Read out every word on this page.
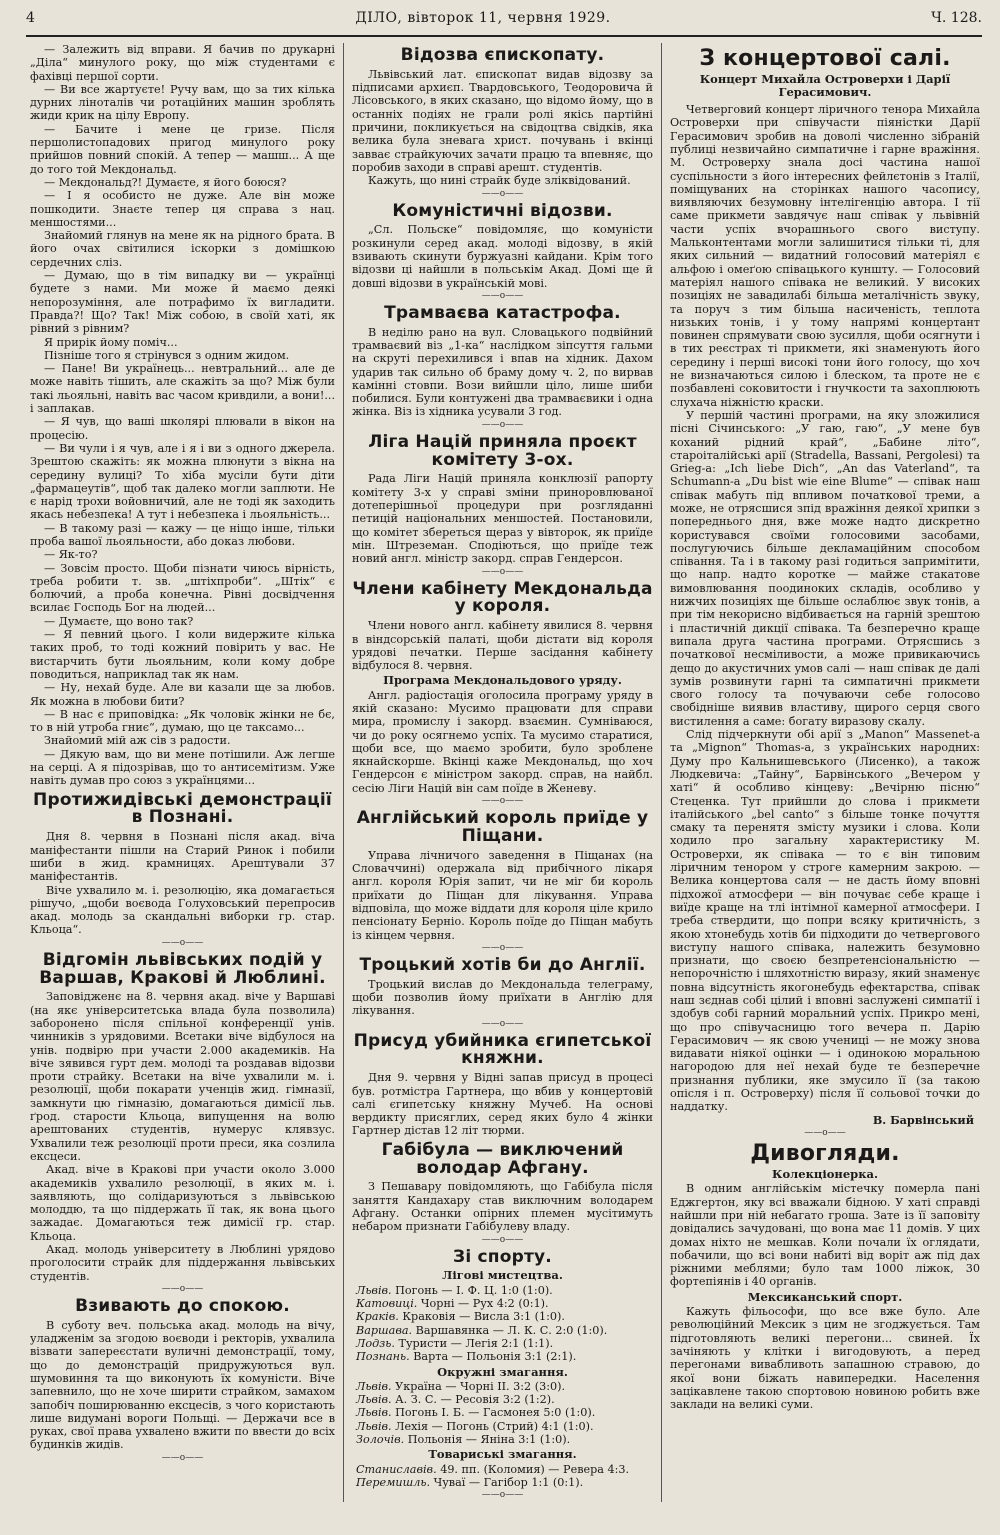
4	ДІЛО, вівторок 11, червня 1929.	Ч. 128.

— Залежить від вправи. Я бачив по друкарні „Діла“ минулого року, що між студентами є фахівці першої сорти.

— Ви все жартуєте! Ручу вам, що за тих кілька дурних ліноталів чи ротаційних машин зроблять жиди крик на цілу Европу.

— Бачите і мене це гризе. Після першолистопадових пригод минулого року прийшов повний спокій. А тепер — машш... А ще до того той Мекдональд.

— Мекдональд?! Думаєте, я його боюся?

— І я особисто не дуже. Але він може пошкодити. Знаєте тепер ця справа з нац. меншостями...

Знайомий глянув на мене як на рідного брата. В його очах світилися іскорки з домішкою сердечних сліз.

— Думаю, що в тім випадку ви — українці будете з нами. Ми може й маємо деякі непорозуміння, але потрафимо їх вигладити. Правда?! Що? Так! Між собою, в своїй хаті, як рівний з рівним?

Я прирік йому поміч...

Пізніше того я стрінувся з одним жидом.

— Пане! Ви українець... невтральний... але де може навіть тішить, але скажіть за що? Між були такі льояльні, навіть вас часом кривдили, а вони!... і заплакав.

— Я чув, що ваші школярі плювали в вікон на процесію.

— Ви чули і я чув, але і я і ви з одного джерела. Зрештою скажіть: як можна плюнути з вікна на середину вулиці? То хіба мусіли бути діти „фармацеутів“, щоб так далеко могли заплюти. Не є нарід трохи войовничий, але не тоді як заходить якась небезпека! А тут і небезпека і льояльність...

— В такому разі — кажу — це ніщо інше, тільки проба вашої льояльности, або доказ любови.

— Як-то?

— Зовсім просто. Щоби пізнати чиюсь вірність, треба робити т. зв. „штіхпроби“. „Штіх“ є болючий, а проба конечна. Рівні досвідчення всилає Господь Бог на людей...

— Думаєте, що воно так?

— Я певний цього. І коли видержите кілька таких проб, то тоді кожний повірить у вас. Не вистарчить бути льояльним, коли кому добре поводиться, наприклад так як нам.

— Ну, нехай буде. Але ви казали ще за любов. Як можна в любови бити?

— В нас є приповідка: „Як чоловік жінки не бє, то в ній утроба гниє“, думаю, що це таксамо...

Знайомий мій аж сів з радости.

— Дякую вам, що ви мене потішили. Аж легше на серці. А я підозрівав, що то антисемітизм. Уже навіть думав про союз з українцями...

Протижидівські демонстрації в Познані.

Дня 8. червня в Познані після акад. віча маніфестанти пішли на Старий Ринок і побили шиби в жид. крамницях. Арештували 37 маніфестантів.

Віче ухвалило м. і. резолюцію, яка домагається рішучо, „щоби воєвода Голуховський перепросив акад. молодь за скандальні виборки гр. стар. Кльоца“.

——o——
Відгомін львівських подій у Варшав, Кракові й Люблині.

Заповідженє на 8. червня акад. віче у Варшаві (на якє університетська влада була позволила) заборонено після спільної конференції унів. чинників з урядовими. Всетаки віче відбулося на унів. подвірю при участи 2.000 академиків. На віче зявився гурт дем. молоді та роздавав відозви проти страйку. Всетаки на віче ухвалили м. і. резолюції, щоби покарати ученців жид. гімназії, замкнути цю гімназію, домагаються димісії льв. ґрод. старости Кльоца, випущення на волю арештованих студентів, нумерус клявзус. Ухвалили теж резолюції проти преси, яка созлила ексцеси.

Акад. віче в Кракові при участи около 3.000 академиків ухвалило резолюції, в яких м. і. заявляють, що солідаризуються з львівською молоддю, та що піддержать її так, як вона цього зажадає. Домагаються теж димісії гр. стар. Кльоца.

Акад. молодь університету в Люблині урядово проголосити страйк для піддержання львівських студентів.

——o——
Взивають до спокою.

В суботу веч. польська акад. молодь на вічу, уладженім за згодою воєводи і ректорів, ухвалила візвати запереєстати вуличні демонстрації, тому, що до демонстрацій придружуються вул. шумовиння та що виконують їх комуністи. Віче запевнило, що не хоче ширити страйком, замахом запобіч поширюванню ексцесів, з чого користають лише видумані вороги Польщі. — Держачи все в руках, свої права ухвалено вжити по ввести до всіх будинків жидів.

——o——
Відозва єпископату.

Львівський лат. єпископат видав відозву за підписами архиєп. Твардовського, Теодоровича й Лісовського, в яких сказано, що відомо йому, що в останніх подіях не грали ролі якісь партійні причини, покликується на свідоцтва свідків, яка велика була зневага христ. почувань і вкінці завває страйкуючих зачати працю та впевняє, що поробив заходи в справі арешт. студентів.

Кажуть, що нині страйк буде зліквідований.

——o——
Комуністичні відозви.

„Сл. Польске“ повідомляє, що комуністи розкинули серед акад. молоді відозву, в якій взивають скинути буржуазні кайдани. Крім того відозви ці найшли в польськім Акад. Домі ще й довші відозви в українській мові.

——o——
Трамваєва катастрофа.

В неділю рано на вул. Словацького подвійний трамваєвий віз „1-ка“ наслідком зіпсуття гальми на скруті перехилився і впав на хідник. Дахом ударив так сильно об браму дому ч. 2, по вирвав камінні стовпи. Вози вийшли ціло, лише шиби побилися. Були контужені два трамваєвики і одна жінка. Віз із хідника усували 3 год.

——o——
Ліга Націй приняла проєкт комітету 3-ох.

Рада Ліги Націй приняла конклюзії рапорту комітету 3-х у справі зміни приноровлюваної дотеперішньої процедури при розгляданні петицій національних меншостей. Постановили, що комітет збереться щераз у вівторок, як приїде мін. Штреземан. Сподіються, що приїде теж новий англ. міністр закорд. справ Гендерсон.

——o——
Члени кабінету Мекдональда у короля.

Члени нового англ. кабінету явилися 8. червня в віндсорській палаті, щоби дістати від короля урядові печатки. Перше засідання кабінету відбулося 8. червня.

Програма Мекдональдового уряду.

Англ. радіостація оголосила програму уряду в якій сказано: Мусимо працювати для справи мира, промислу і закорд. взаємин. Сумніваюся, чи до року осягнемо успіх. Та мусимо старатися, щоби все, що маємо зробити, було зроблене якнайскорше. Вкінці каже Мекдональд, що хоч Гендерсон є міністром закорд. справ, на найбл. сесію Ліги Націй він сам поїде в Женеву.

——o——
Англійський король приїде у Піщани.

Управа лічничого заведення в Піщанах (на Словаччині) одержала від прибічного лікаря англ. короля Юрія запит, чи не міг би король приїхати до Піщан для лікування. Управа відповіла, що може віддати для короля ціле крило пенсіонату Берніо. Король поїде до Піщан мабуть із кінцем червня.

——o——
Троцький хотів би до Англії.

Троцький вислав до Мекдональда телеграму, щоби позволив йому приїхати в Англію для лікування.

——o——
Присуд убийника єгипетської княжни.

Дня 9. червня у Відні запав присуд в процесі був. ротмістра Гартнера, що вбив у концертовій салі єгипетську княжну Мучеб. На основі вердикту присяглих, серед яких було 4 жінки Гартнер дістав 12 літ тюрми.

Габібула — виключений володар Афгану.

З Пешавару повідомляють, що Габібула після заняття Кандахару став виключним володарем Афгану. Останки опірних племен мусітимуть небаром признати Габібулеву владу.

——o——
Зі спорту.
Лігові мистецтва.
Львів. Погонь — І. Ф. Ц. 1:0 (1:0).
Катовиці. Чорні — Рух 4:2 (0:1).
Краків. Краковія — Висла 3:1 (1:0).
Варшава. Варшавянка — Л. К. С. 2:0 (1:0).
Лодзь. Туристи — Легія 2:1 (1:1).
Познань. Варта — Польонія 3:1 (2:1).
Окружні змагання.
Львів. Україна — Чорні II. 3:2 (3:0).
Львів. А. З. С. — Ресовія 3:2 (1:2).
Львів. Погонь І. Б. — Гасмонея 5:0 (1:0).
Львів. Лехія — Погонь (Стрий) 4:1 (1:0).
Золочів. Польонія — Яніна 3:1 (1:0).
Товариські змагання.
Станиславів. 49. пп. (Коломия) — Ревера 4:3.
Перемишль. Чуваї — Гагібор 1:1 (0:1).
——o——
З концертової салі.
Концерт Михайла Островерхи і Дарії Герасимович.

Четверговий концерт ліричного тенора Михайла Островерхи при співучасти піяністки Дарії Герасимович зробив на доволі численно зібраній публиці незвичайно симпатичне і гарне вражіння. М. Островерху знала досі частина нашої суспільности з його інтересних фейлєтонів з Італії, поміщуваних на сторінках нашого часопису, виявляючих безумовну інтелігенцію автора. І тії саме прикмети завдячує наш співак у львівній части успіх вчорашнього свого виступу. Мальконтентами могли залишитися тільки ті, для яких сильний — видатний голосовий матеріял є альфою і омеґою співацького куншту. — Голосовий матеріял нашого співака не великий. У високих позиціях не завадилабі більша металічність звуку, та поруч з тим більша насиченість, теплота низьких тонів, і у тому напрямі концертант повинен спрямувати свою зусилля, щоби осягнути і в тих реєстрах ті прикмети, які знаменують його середину і перші високі тони його голосу, що хоч не визначаються силою і блеском, та проте не є позбавлені соковитости і гнучкости та захоплюють слухача ніжністю краски.

У першій частині програми, на яку зложилися пісні Січинського: „У гаю, гаю“, „У мене був коханий рідний край“, „Бабине літо“, староіталійські арії (Stradella, Bassani, Pergolesi) та Grieg-а: „Ich liebe Dich“, „An das Vaterland“, та Schumann-а „Du bist wie eine Blume“ — співак наш співак мабуть під впливом початкової треми, а може, не отрясшися зпід вражіння деякої хрипки з попереднього дня, вже може надто дискретно користувався своїми голосовими засобами, послугуючись більше декламаційним способом співання. Та і в такому разі годиться запримітити, що напр. надто коротке — майже стакатове вимовлювання поодиноких складів, особливо у нижчих позиціях ще більше ослаблює звук тонів, а при тім некорисно відбивається на гарній зрештою і пластичній дикції співака. Та безперечно краще випала друга частина програми. Отрясшись з початкової несміливости, а може привикаючись дещо до акустичних умов салі — наш співак де далі зумів розвинути гарні та симпатичні прикмети свого голосу та почуваючи себе голосово свобідніше виявив властиву, щирого серця свого вистилення а саме: богату виразову скалу.

Слід підчеркнути обі арії з „Manon“ Massenet-а та „Mignon“ Thomas-а, з українських народних: Думу про Кальнишевського (Лисенко), а також Людкевича: „Тайну“, Барвінського „Вечером у хаті“ й особливо кінцеву: „Вечірню пісню“ Стеценка. Тут прийшли до слова і прикмети італійського „bel canto“ з більше тонке почуття смаку та перенятя змісту музики і слова. Коли ходило про загальну характеристику М. Островерхи, як співака — то є він типовим ліричним тенором у строге камерним закрою. — Велика концертова саля — не дасть йому вповні підхожої атмосфери — він почуває себе краще і виїде краще на тлі інтімної камерної атмосфери. І треба ствердити, що попри всяку критичність, з якою хтонебудь хотів би підходити до четвергового виступу нашого співака, належить безумовно признати, що своєю безпретенсіональністю — непорочністю і шляхотністю виразу, який знаменує повна відсутність якогонебудь ефектарства, співак наш зєднав собі цілий і вповні заслужені симпатії і здобув собі гарний моральний успіх. Прикро мені, що про співучасницю того вечера п. Дарію Герасимович — як свою учениці — не можу знова видавати ніякої оцінки — і одинокою моральною нагородою для неї нехай буде те безперечне признання публики, яке змусило її (за такою опісля і п. Островерху) після її сольової точки до наддатку.

В. Барвінський
——o——
Дивогляди.
Колекціонерка.

В одним англійськім містечку померла пані Еджгертон, яку всі вважали бідною. У хаті справді найшли при ній небагато гроша. Зате із її заповіту довідались зачудовані, що вона має 11 домів. У цих домах ніхто не мешкав. Коли почали їх оглядати, побачили, що всі вони набиті від воріт аж під дах ріжними меблями; було там 1000 ліжок, 30 фортепіянів і 40 органів.

Мексиканський спорт.

Кажуть фільософи, що все вже було. Але революційний Мексик з цим не згоджується. Там підготовляють великі перегони... свиней. Їх зачіняють у клітки і вигодовують, а перед перегонами вивабливоть запашною стравою, до якої вони біжать навипередки. Населення зацікавлене такою спортовою новиною робить вже заклади на великі суми.
